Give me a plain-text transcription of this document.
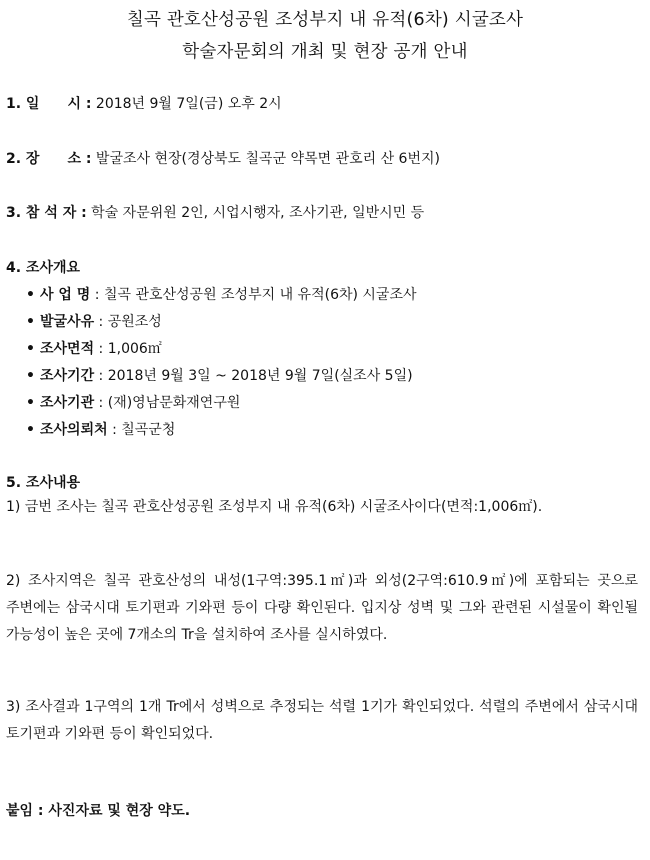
칠곡 관호산성공원 조성부지 내 유적(6차) 시굴조사
학술자문회의 개최 및 현장 공개 안내
1. 일　　시 : 2018년 9월 7일(금) 오후 2시
2. 장　　소 : 발굴조사 현장(경상북도 칠곡군 약목면 관호리 산 6번지)
3. 참 석 자 : 학술 자문위원 2인, 시업시행자, 조사기관, 일반시민 등
4. 조사개요
• 사 업 명 : 칠곡 관호산성공원 조성부지 내 유적(6차) 시굴조사
• 발굴사유 : 공원조성
• 조사면적 : 1,006㎡
• 조사기간 : 2018년 9월 3일 ~ 2018년 9월 7일(실조사 5일)
• 조사기관 : (재)영남문화재연구원
• 조사의뢰처 : 칠곡군청
5. 조사내용
1) 금번 조사는 칠곡 관호산성공원 조성부지 내 유적(6차) 시굴조사이다(면적:1,006㎡).
2) 조사지역은 칠곡 관호산성의 내성(1구역:395.1㎡)과 외성(2구역:610.9㎡)에 포함되는 곳으로 주변에는 삼국시대 토기편과 기와편 등이 다량 확인된다. 입지상 성벽 및 그와 관련된 시설물이 확인될 가능성이 높은 곳에 7개소의 Tr을 설치하여 조사를 실시하였다.
3) 조사결과 1구역의 1개 Tr에서 성벽으로 추정되는 석렬 1기가 확인되었다. 석렬의 주변에서 삼국시대 토기편과 기와편 등이 확인되었다.
붙임 : 사진자료 및 현장 약도.
